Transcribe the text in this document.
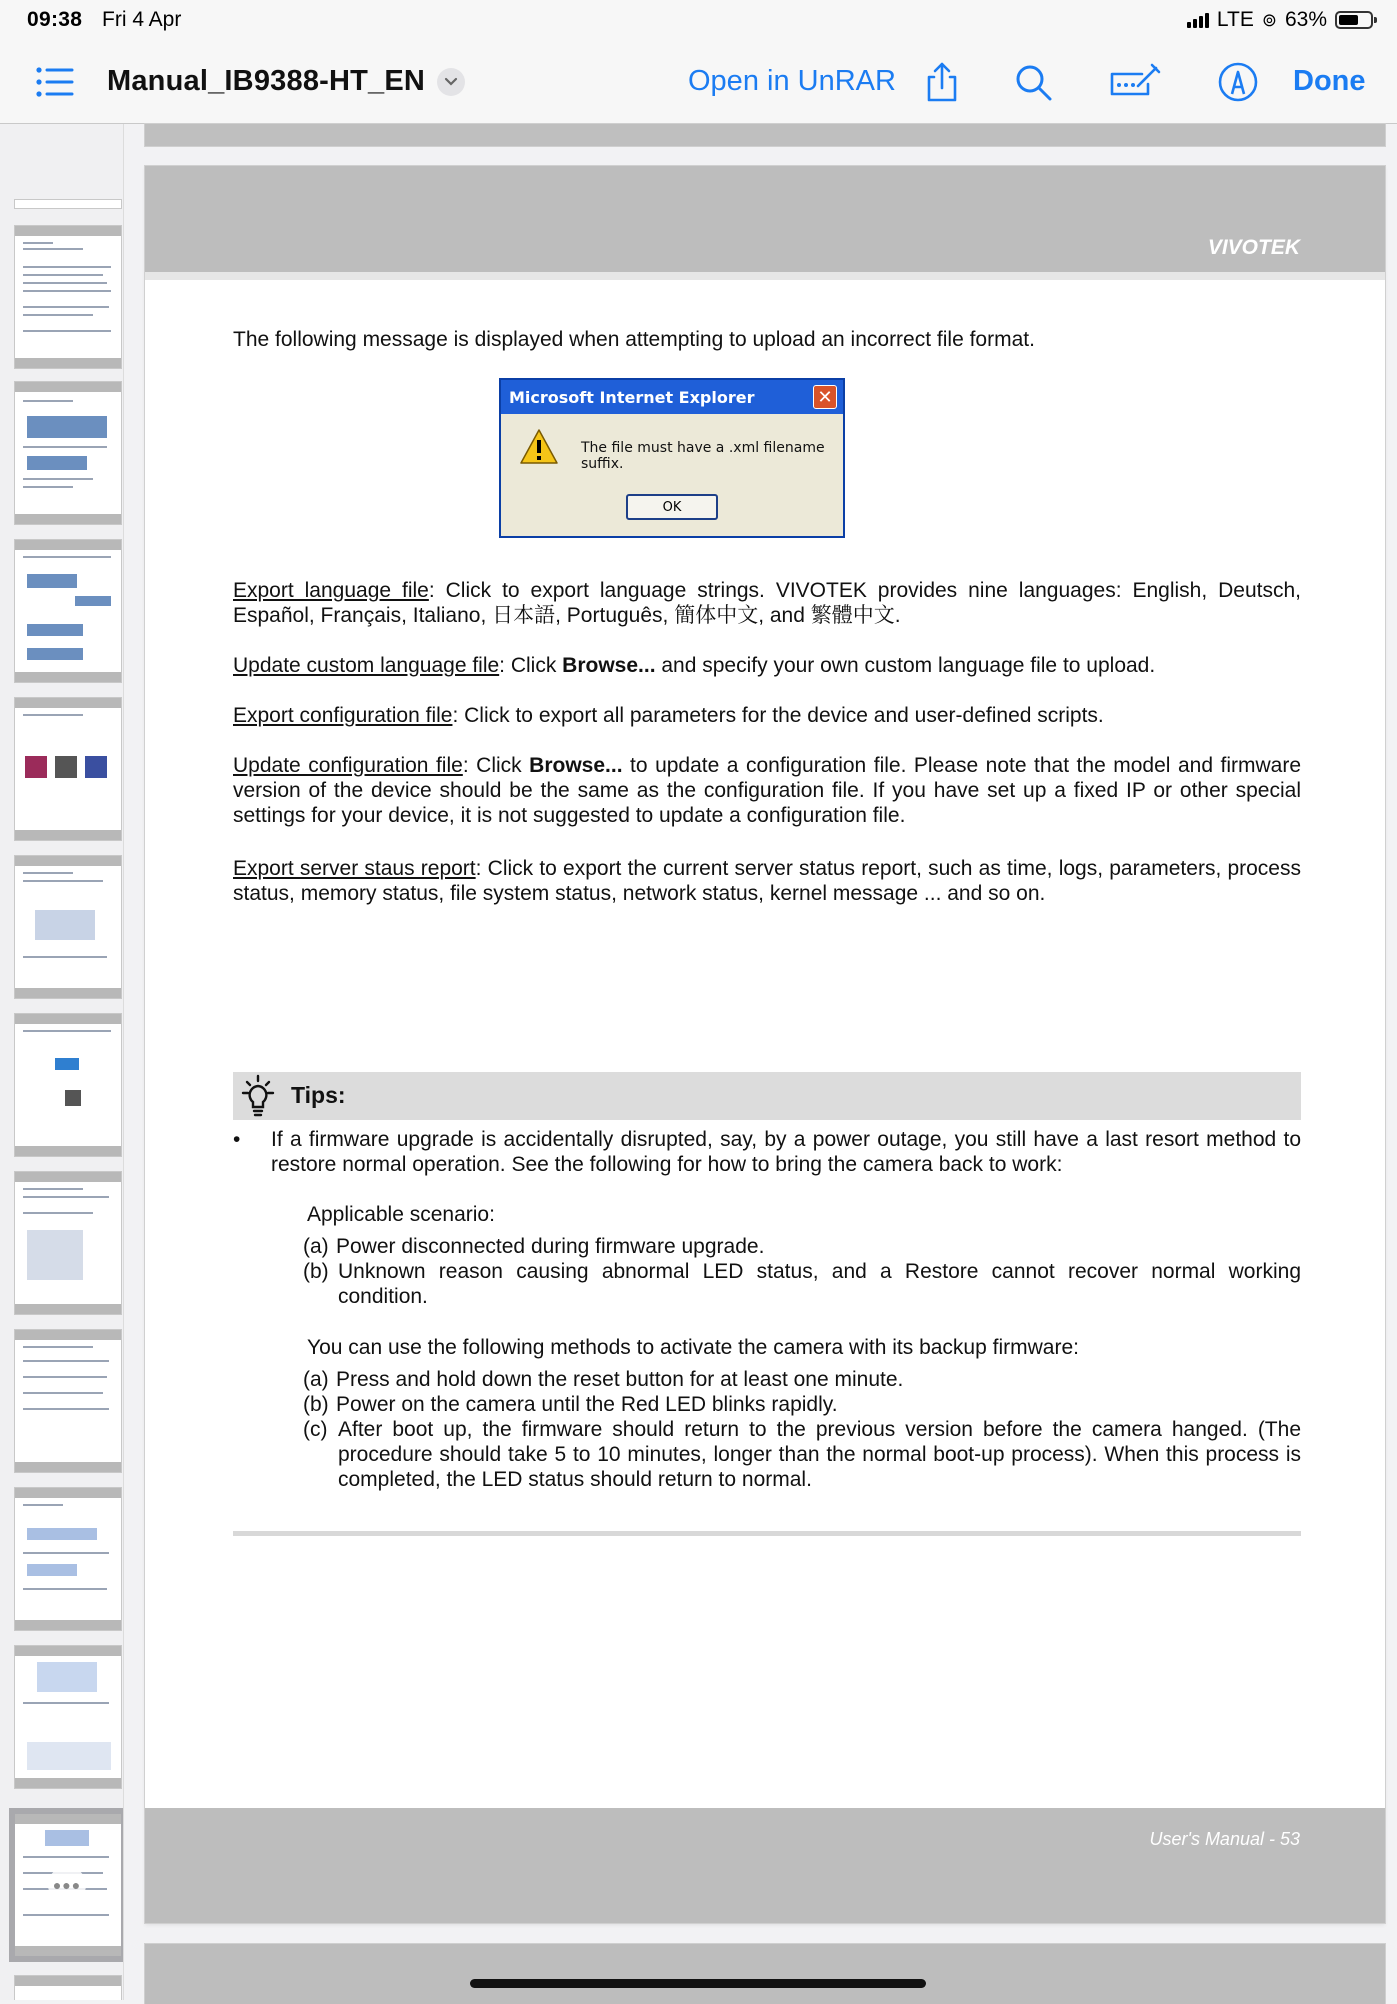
09:38 Fri 4 Apr	LTE ⊚ 63%
Manual_IB9388-HT_EN	Open in UnRAR	Done
●●●
VIVOTEK

The following message is displayed when attempting to upload an incorrect file format.

Microsoft Internet Explorer	✕
The file must have a .xml filename suffix.
OK

Export language file: Click to export language strings. VIVOTEK provides nine languages: English, Deutsch, Español, Français, Italiano, 日本語, Português, 簡体中文, and 繁體中文.

Update custom language file: Click Browse... and specify your own custom language file to upload.

Export configuration file: Click to export all parameters for the device and user-defined scripts.

Update configuration file: Click Browse... to update a configuration file. Please note that the model and firmware version of the device should be the same as the configuration file. If you have set up a fixed IP or other special settings for your device, it is not suggested to update a configuration file.

Export server staus report: Click to export the current server status report, such as time, logs, parameters, process status, memory status, file system status, network status, kernel message ... and so on.

Tips:
• If a firmware upgrade is accidentally disrupted, say, by a power outage, you still have a last resort method to restore normal operation. See the following for how to bring the camera back to work:

Applicable scenario:

(a) Power disconnected during firmware upgrade.

(b) Unknown reason causing abnormal LED status, and a Restore cannot recover normal working condition.

You can use the following methods to activate the camera with its backup firmware:

(a) Press and hold down the reset button for at least one minute.

(b) Power on the camera until the Red LED blinks rapidly.

(c) After boot up, the firmware should return to the previous version before the camera hanged. (The procedure should take 5 to 10 minutes, longer than the normal boot-up process). When this process is completed, the LED status should return to normal.

User's Manual - 53
